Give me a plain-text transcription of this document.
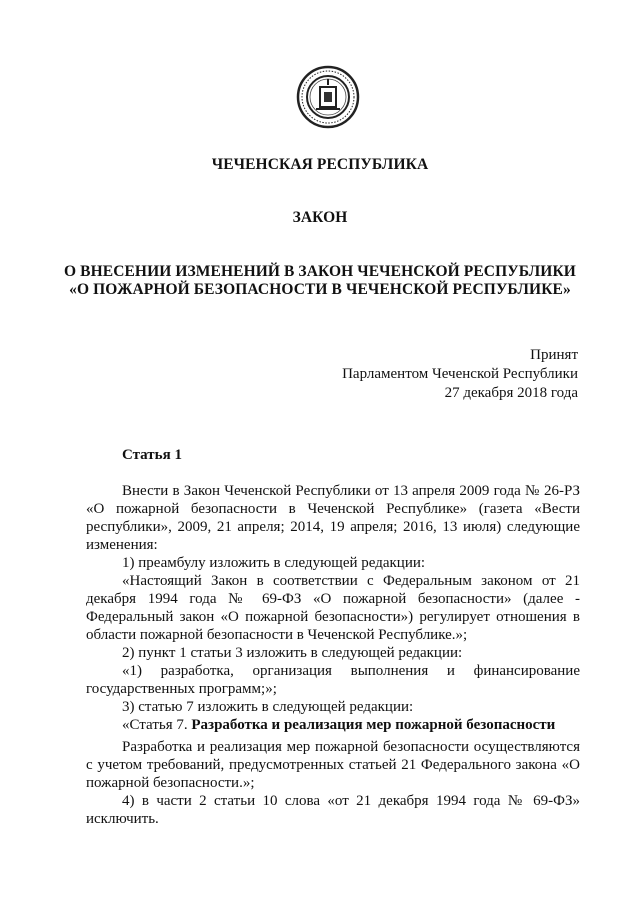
ЧЕЧЕНСКАЯ РЕСПУБЛИКА
ЗАКОН
О ВНЕСЕНИИ ИЗМЕНЕНИЙ В ЗАКОН ЧЕЧЕНСКОЙ РЕСПУБЛИКИ
«О ПОЖАРНОЙ БЕЗОПАСНОСТИ В ЧЕЧЕНСКОЙ РЕСПУБЛИКЕ»
Принят
Парламентом Чеченской Республики
27 декабря 2018 года
Статья 1

Внести в Закон Чеченской Республики от 13 апреля 2009 года № 26-РЗ «О пожарной безопасности в Чеченской Республике» (газета «Вести республики», 2009, 21 апреля; 2014, 19 апреля; 2016, 13 июля) следующие изменения:

1) преамбулу изложить в следующей редакции:

«Настоящий Закон в соответствии с Федеральным законом от 21 декабря 1994 года № 69-ФЗ «О пожарной безопасности» (далее - Федеральный закон «О пожарной безопасности») регулирует отношения в области пожарной безопасности в Чеченской Республике.»;

2) пункт 1 статьи 3 изложить в следующей редакции:

«1) разработка, организация выполнения и финансирование государственных программ;»;

3) статью 7 изложить в следующей редакции:

«Статья 7. Разработка и реализация мер пожарной безопасности

Разработка и реализация мер пожарной безопасности осуществляются с учетом требований, предусмотренных статьей 21 Федерального закона «О пожарной безопасности.»;

4) в части 2 статьи 10 слова «от 21 декабря 1994 года № 69-ФЗ» исключить.
